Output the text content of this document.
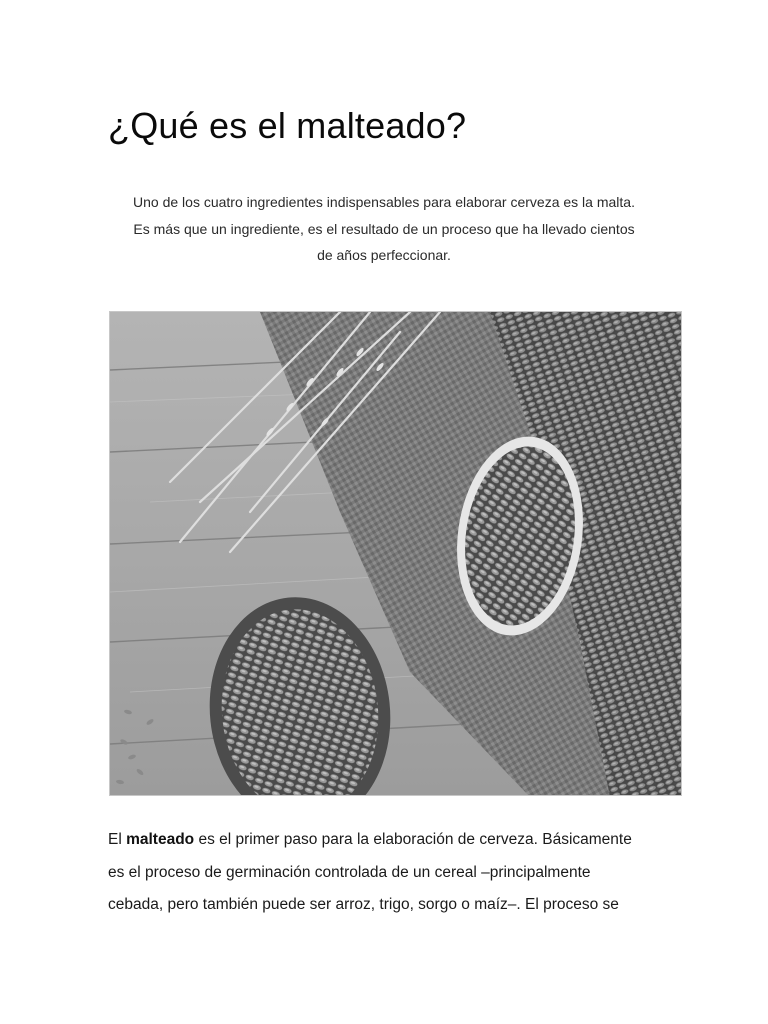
¿Qué es el malteado?
Uno de los cuatro ingredientes indispensables para elaborar cerveza es la malta.
Es más que un ingrediente, es el resultado de un proceso que ha llevado cientos
de años perfeccionar.
El malteado es el primer paso para la elaboración de cerveza. Básicamente
es el proceso de germinación controlada de un cereal –principalmente
cebada, pero también puede ser arroz, trigo, sorgo o maíz–. El proceso se
